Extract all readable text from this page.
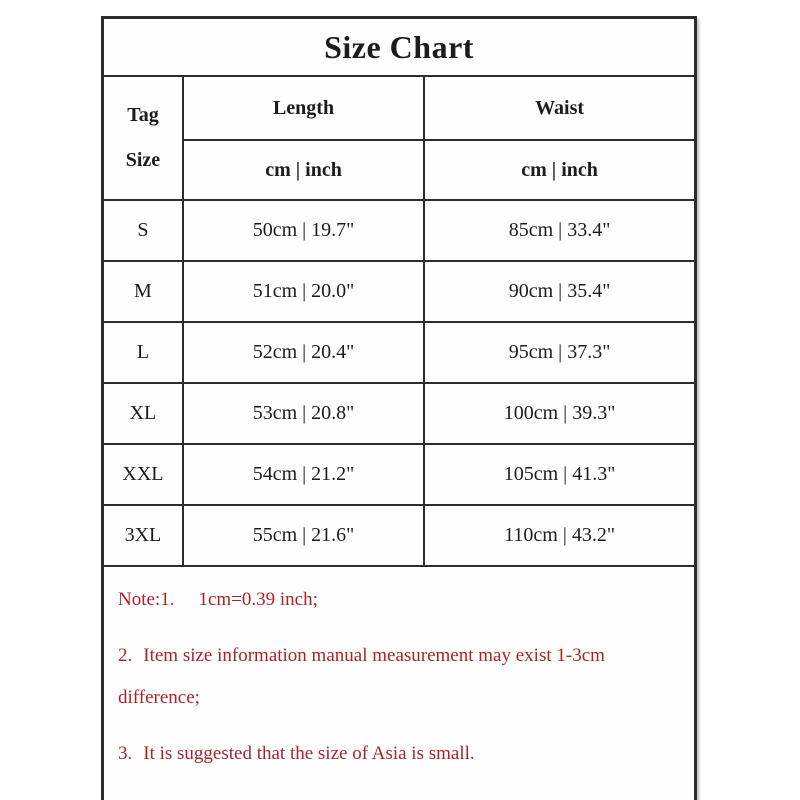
Size Chart		

Tag
Size	Length	Waist
	cm | inch	cm | inch
S	50cm | 19.7"	85cm | 33.4"
M	51cm | 20.0"	90cm | 35.4"
L	52cm | 20.4"	95cm | 37.3"
XL	53cm | 20.8"	100cm | 39.3"
XXL	54cm | 21.2"	105cm | 41.3"
3XL	55cm | 21.6"	110cm | 43.2"

Note:1. 1cm=0.39 inch;

2. Item size information manual measurement may exist 1-3cm difference;

3. It is suggested that the size of Asia is small.		
